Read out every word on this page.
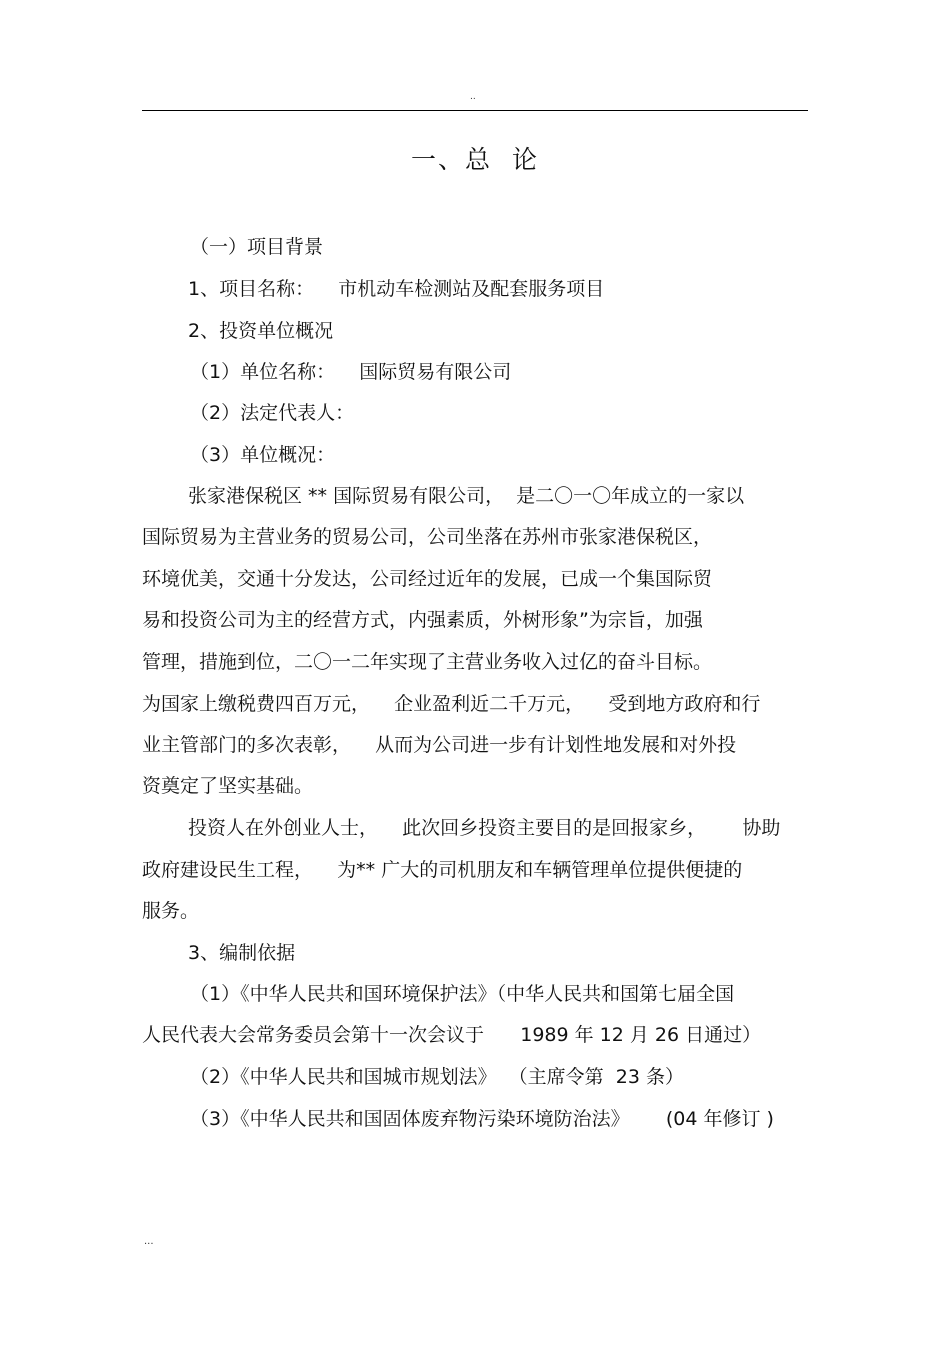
..
一、总 论
（一）项目背景
1、项目名称：    市机动车检测站及配套服务项目
2、投资单位概况
（1）单位名称：    国际贸易有限公司
（2）法定代表人：
（3）单位概况：
张家港保税区 ** 国际贸易有限公司，  是二〇一〇年成立的一家以
国际贸易为主营业务的贸易公司，公司坐落在苏州市张家港保税区，
环境优美，交通十分发达，公司经过近年的发展，已成一个集国际贸
易和投资公司为主的经营方式，内强素质，外树形象”为宗旨，加强
管理，措施到位，二〇一二年实现了主营业务收入过亿的奋斗目标。
为国家上缴税费四百万元，    企业盈利近二千万元，    受到地方政府和行
业主管部门的多次表彰，    从而为公司进一步有计划性地发展和对外投
资奠定了坚实基础。
投资人在外创业人士，    此次回乡投资主要目的是回报家乡，      协助
政府建设民生工程，    为** 广大的司机朋友和车辆管理单位提供便捷的
服务。
3、编制依据
（1）《中华人民共和国环境保护法》（中华人民共和国第七届全国
人民代表大会常务委员会第十一次会议于      1989 年 12 月 26 日通过）
（2）《中华人民共和国城市规划法》  （主席令第  23 条）
（3）《中华人民共和国固体废弃物污染环境防治法》      (04 年修订 )
...
